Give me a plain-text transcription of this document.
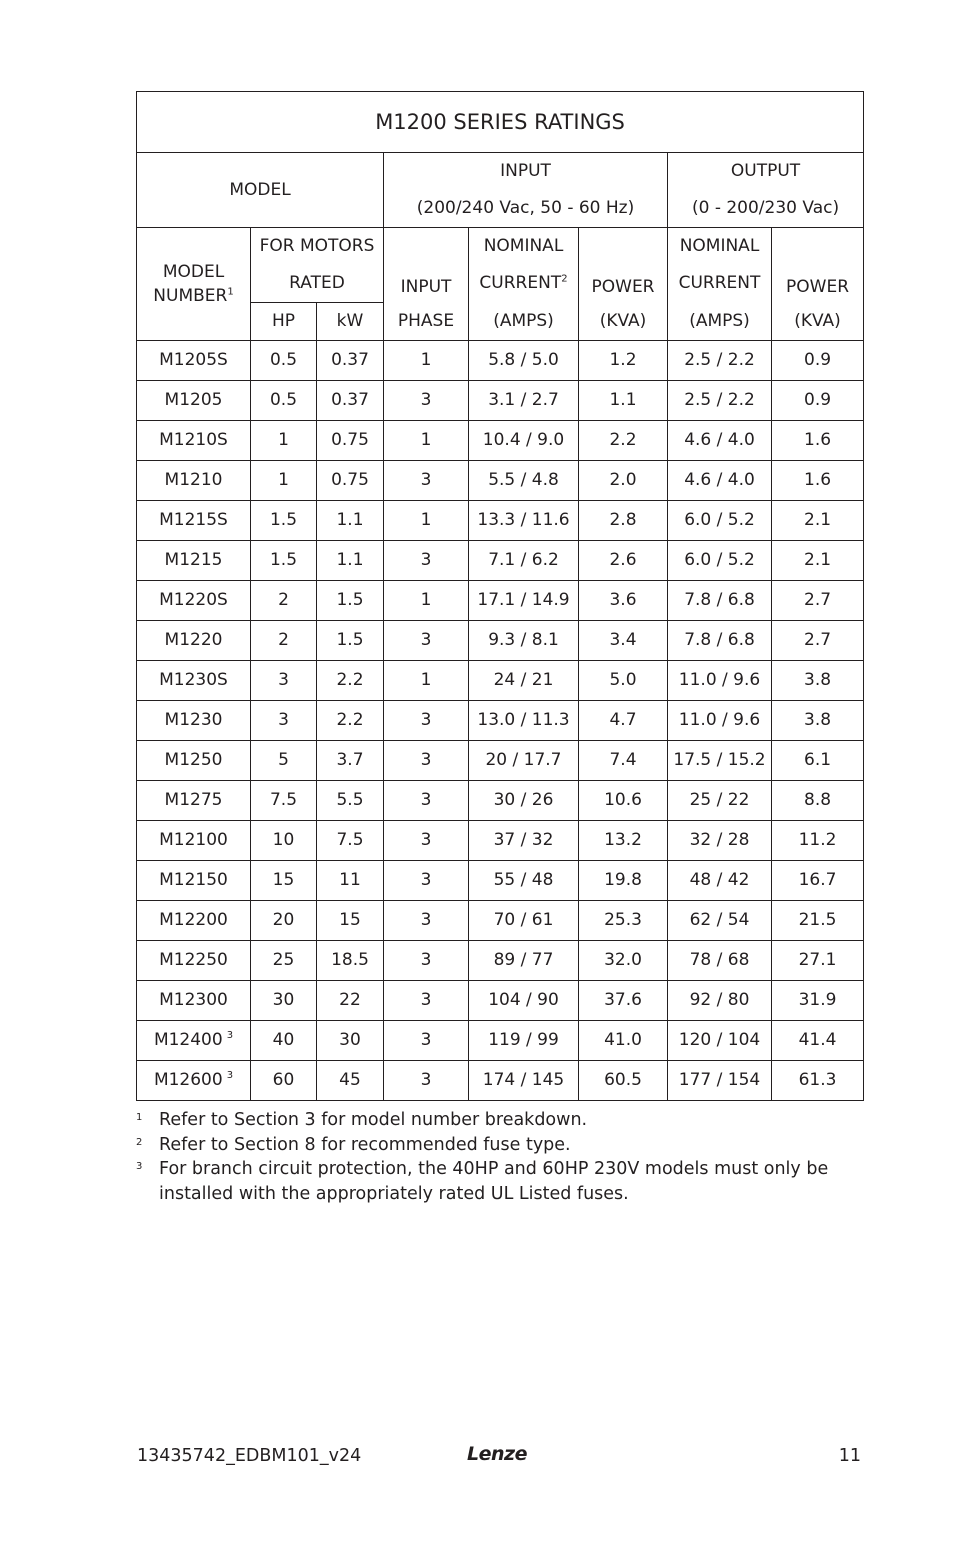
M1200 SERIES RATINGS							
MODEL			INPUT			OUTPUT	
			(200/240 Vac, 50 - 60 Hz)			(0 - 200/230 Vac)	

MODEL
NUMBER$^1$	FOR MOTORS		INPUT	NOMINAL	POWER	NOMINAL	POWER
	RATED			CURRENT$^2$		CURRENT	
	HP	kW	PHASE	(AMPS)	(KVA)	(AMPS)	(KVA)
M1205S	0.5	0.37	1	5.8 / 5.0	1.2	2.5 / 2.2	0.9
M1205	0.5	0.37	3	3.1 / 2.7	1.1	2.5 / 2.2	0.9
M1210S	1	0.75	1	10.4 / 9.0	2.2	4.6 / 4.0	1.6
M1210	1	0.75	3	5.5 / 4.8	2.0	4.6 / 4.0	1.6
M1215S	1.5	1.1	1	13.3 / 11.6	2.8	6.0 / 5.2	2.1
M1215	1.5	1.1	3	7.1 / 6.2	2.6	6.0 / 5.2	2.1
M1220S	2	1.5	1	17.1 / 14.9	3.6	7.8 / 6.8	2.7
M1220	2	1.5	3	9.3 / 8.1	3.4	7.8 / 6.8	2.7
M1230S	3	2.2	1	24 / 21	5.0	11.0 / 9.6	3.8
M1230	3	2.2	3	13.0 / 11.3	4.7	11.0 / 9.6	3.8
M1250	5	3.7	3	20 / 17.7	7.4	17.5 / 15.2	6.1
M1275	7.5	5.5	3	30 / 26	10.6	25 / 22	8.8
M12100	10	7.5	3	37 / 32	13.2	32 / 28	11.2
M12150	15	11	3	55 / 48	19.8	48 / 42	16.7
M12200	20	15	3	70 / 61	25.3	62 / 54	21.5
M12250	25	18.5	3	89 / 77	32.0	78 / 68	27.1
M12300	30	22	3	104 / 90	37.6	92 / 80	31.9
M12400 $^3$	40	30	3	119 / 99	41.0	120 / 104	41.4
M12600 $^3$	60	45	3	174 / 145	60.5	177 / 154	61.3
1 Refer to Section 3 for model number breakdown.
2 Refer to Section 8 for recommended fuse type.
3 For branch circuit protection, the 40HP and 60HP 230V models must only be installed with the appropriately rated UL Listed fuses.
13435742_EDBM101_v24	Lenze	11
